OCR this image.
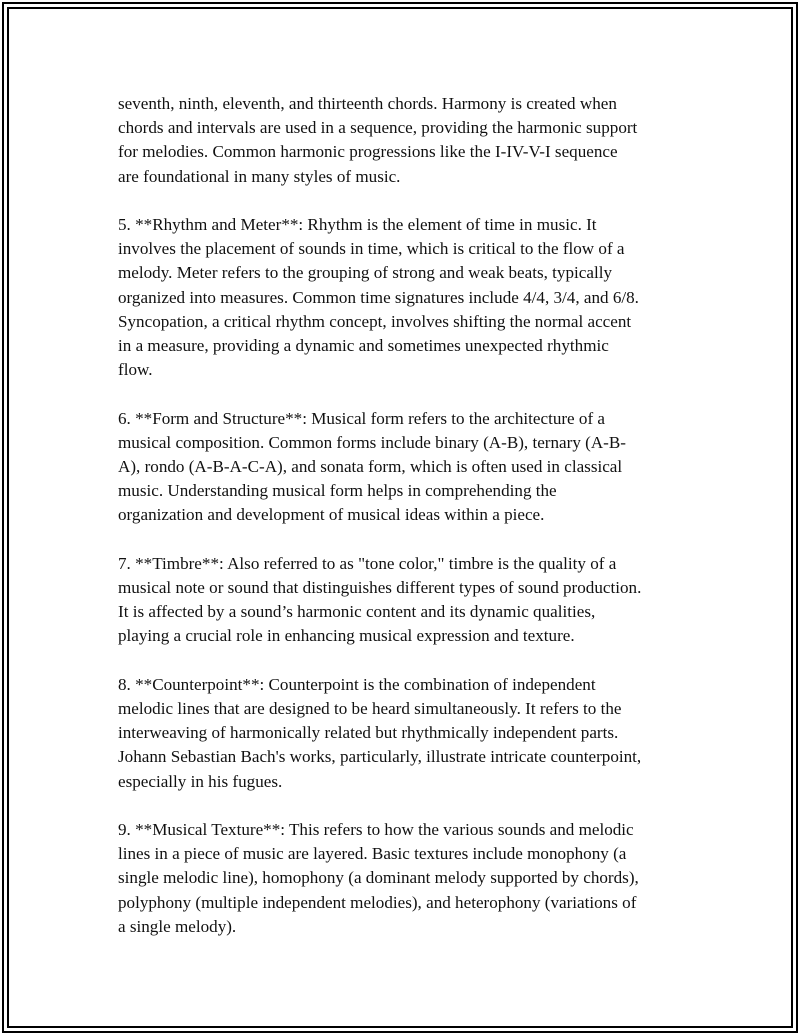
seventh, ninth, eleventh, and thirteenth chords. Harmony is created when
chords and intervals are used in a sequence, providing the harmonic support
for melodies. Common harmonic progressions like the I-IV-V-I sequence
are foundational in many styles of music.

5. **Rhythm and Meter**: Rhythm is the element of time in music. It
involves the placement of sounds in time, which is critical to the flow of a
melody. Meter refers to the grouping of strong and weak beats, typically
organized into measures. Common time signatures include 4/4, 3/4, and 6/8.
Syncopation, a critical rhythm concept, involves shifting the normal accent
in a measure, providing a dynamic and sometimes unexpected rhythmic
flow.

6. **Form and Structure**: Musical form refers to the architecture of a
musical composition. Common forms include binary (A-B), ternary (A-B-
A), rondo (A-B-A-C-A), and sonata form, which is often used in classical
music. Understanding musical form helps in comprehending the
organization and development of musical ideas within a piece.

7. **Timbre**: Also referred to as "tone color," timbre is the quality of a
musical note or sound that distinguishes different types of sound production.
It is affected by a sound’s harmonic content and its dynamic qualities,
playing a crucial role in enhancing musical expression and texture.

8. **Counterpoint**: Counterpoint is the combination of independent
melodic lines that are designed to be heard simultaneously. It refers to the
interweaving of harmonically related but rhythmically independent parts.
Johann Sebastian Bach's works, particularly, illustrate intricate counterpoint,
especially in his fugues.

9. **Musical Texture**: This refers to how the various sounds and melodic
lines in a piece of music are layered. Basic textures include monophony (a
single melodic line), homophony (a dominant melody supported by chords),
polyphony (multiple independent melodies), and heterophony (variations of
a single melody).
